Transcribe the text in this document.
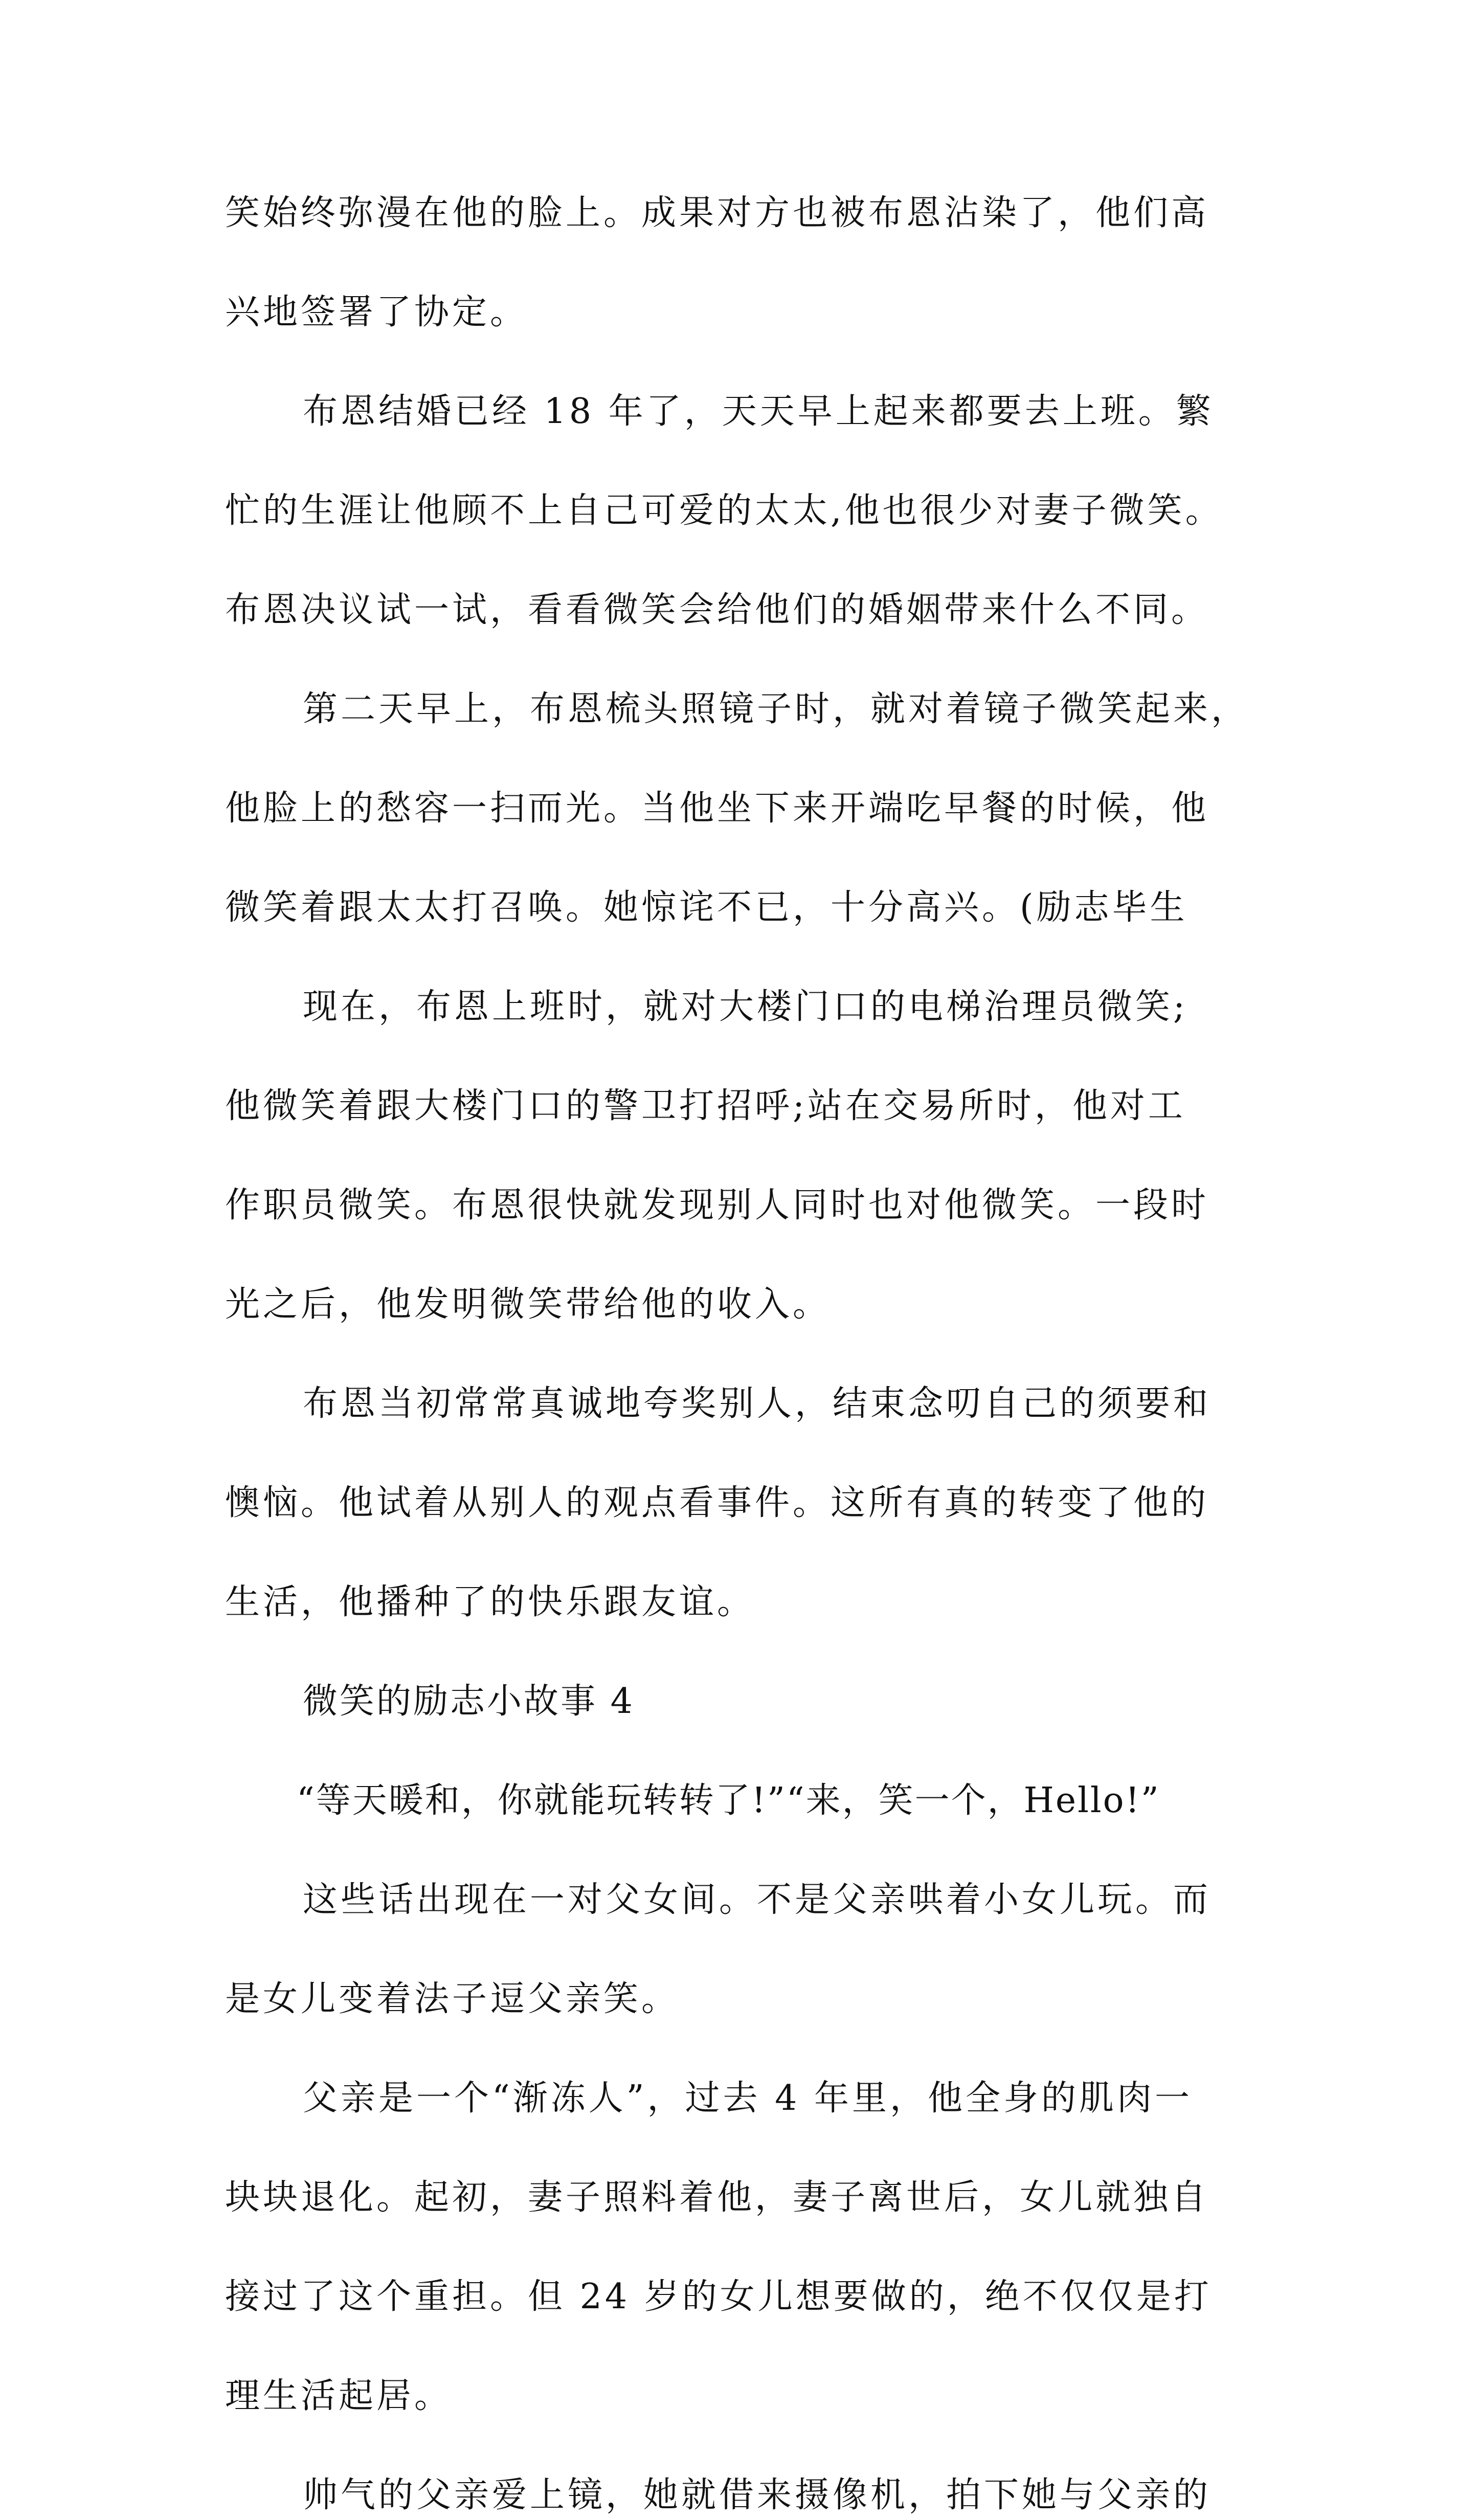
笑始终弥漫在他的脸上。成果对方也被布恩沾染了，他们高
兴地签署了协定。
布恩结婚已经 18 年了，天天早上起来都要去上班。繁
忙的生涯让他顾不上自己可爱的太太,他也很少对妻子微笑。
布恩决议试一试，看看微笑会给他们的婚姻带来什么不同。
第二天早上，布恩梳头照镜子时，就对着镜子微笑起来，
他脸上的愁容一扫而光。当他坐下来开端吃早餐的时候，他
微笑着跟太太打召唤。她惊诧不已，十分高兴。(励志毕生
现在，布恩上班时，就对大楼门口的电梯治理员微笑;
他微笑着跟大楼门口的警卫打招呼;站在交易所时，他对工
作职员微笑。布恩很快就发现别人同时也对他微笑。一段时
光之后，他发明微笑带给他的收入。
布恩当初常常真诚地夸奖别人，结束念叨自己的须要和
懊恼。他试着从别人的观点看事件。这所有真的转变了他的
生活，他播种了的快乐跟友谊。
微笑的励志小故事 4
“等天暖和，你就能玩转转了!”“来，笑一个，Hello!”
这些话出现在一对父女间。不是父亲哄着小女儿玩。而
是女儿变着法子逗父亲笑。
父亲是一个“渐冻人”，过去 4 年里，他全身的肌肉一
块块退化。起初，妻子照料着他，妻子离世后，女儿就独自
接过了这个重担。但 24 岁的女儿想要做的，绝不仅仅是打
理生活起居。
帅气的父亲爱上镜，她就借来摄像机，拍下她与父亲的
